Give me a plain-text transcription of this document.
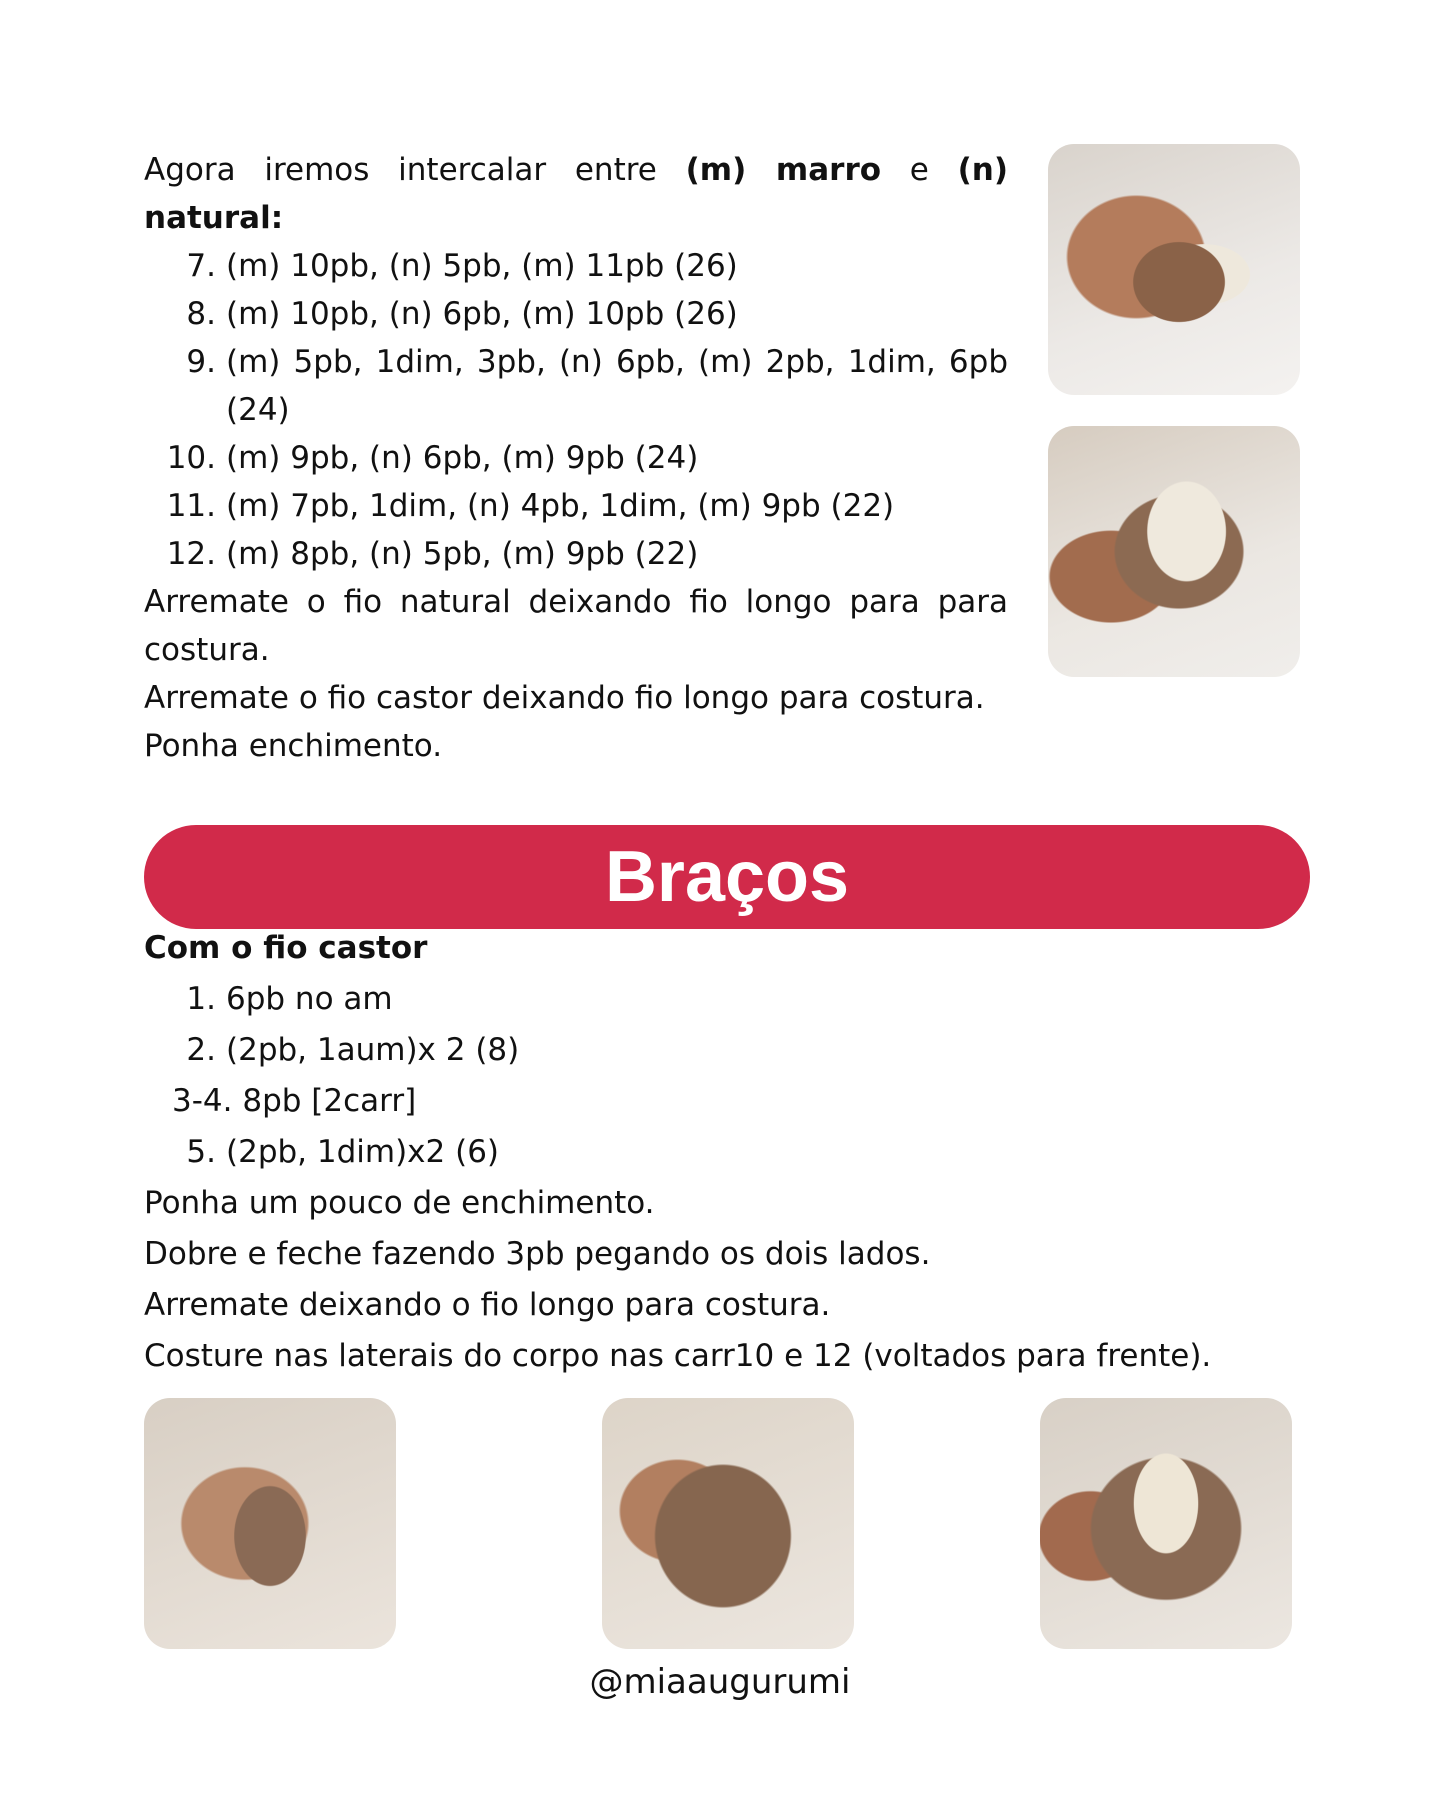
Agora iremos intercalar entre (m) marro e (n) natural:

7. (m) 10pb, (n) 5pb, (m) 11pb (26)
8. (m) 10pb, (n) 6pb, (m) 10pb (26)
9. (m) 5pb, 1dim, 3pb, (n) 6pb, (m) 2pb, 1dim, 6pb (24)
10. (m) 9pb, (n) 6pb, (m) 9pb (24)
11. (m) 7pb, 1dim, (n) 4pb, 1dim, (m) 9pb (22)
12. (m) 8pb, (n) 5pb, (m) 9pb (22)

Arremate o fio natural deixando fio longo para para costura.

Arremate o fio castor deixando fio longo para costura.

Ponha enchimento.

Braços

Com o fio castor

1. 6pb no am
2. (2pb, 1aum)x 2 (8)
3-4. 8pb [2carr]
5. (2pb, 1dim)x2 (6)

Ponha um pouco de enchimento.

Dobre e feche fazendo 3pb pegando os dois lados.

Arremate deixando o fio longo para costura.

Costure nas laterais do corpo nas carr10 e 12 (voltados para frente).

@miaaugurumi
